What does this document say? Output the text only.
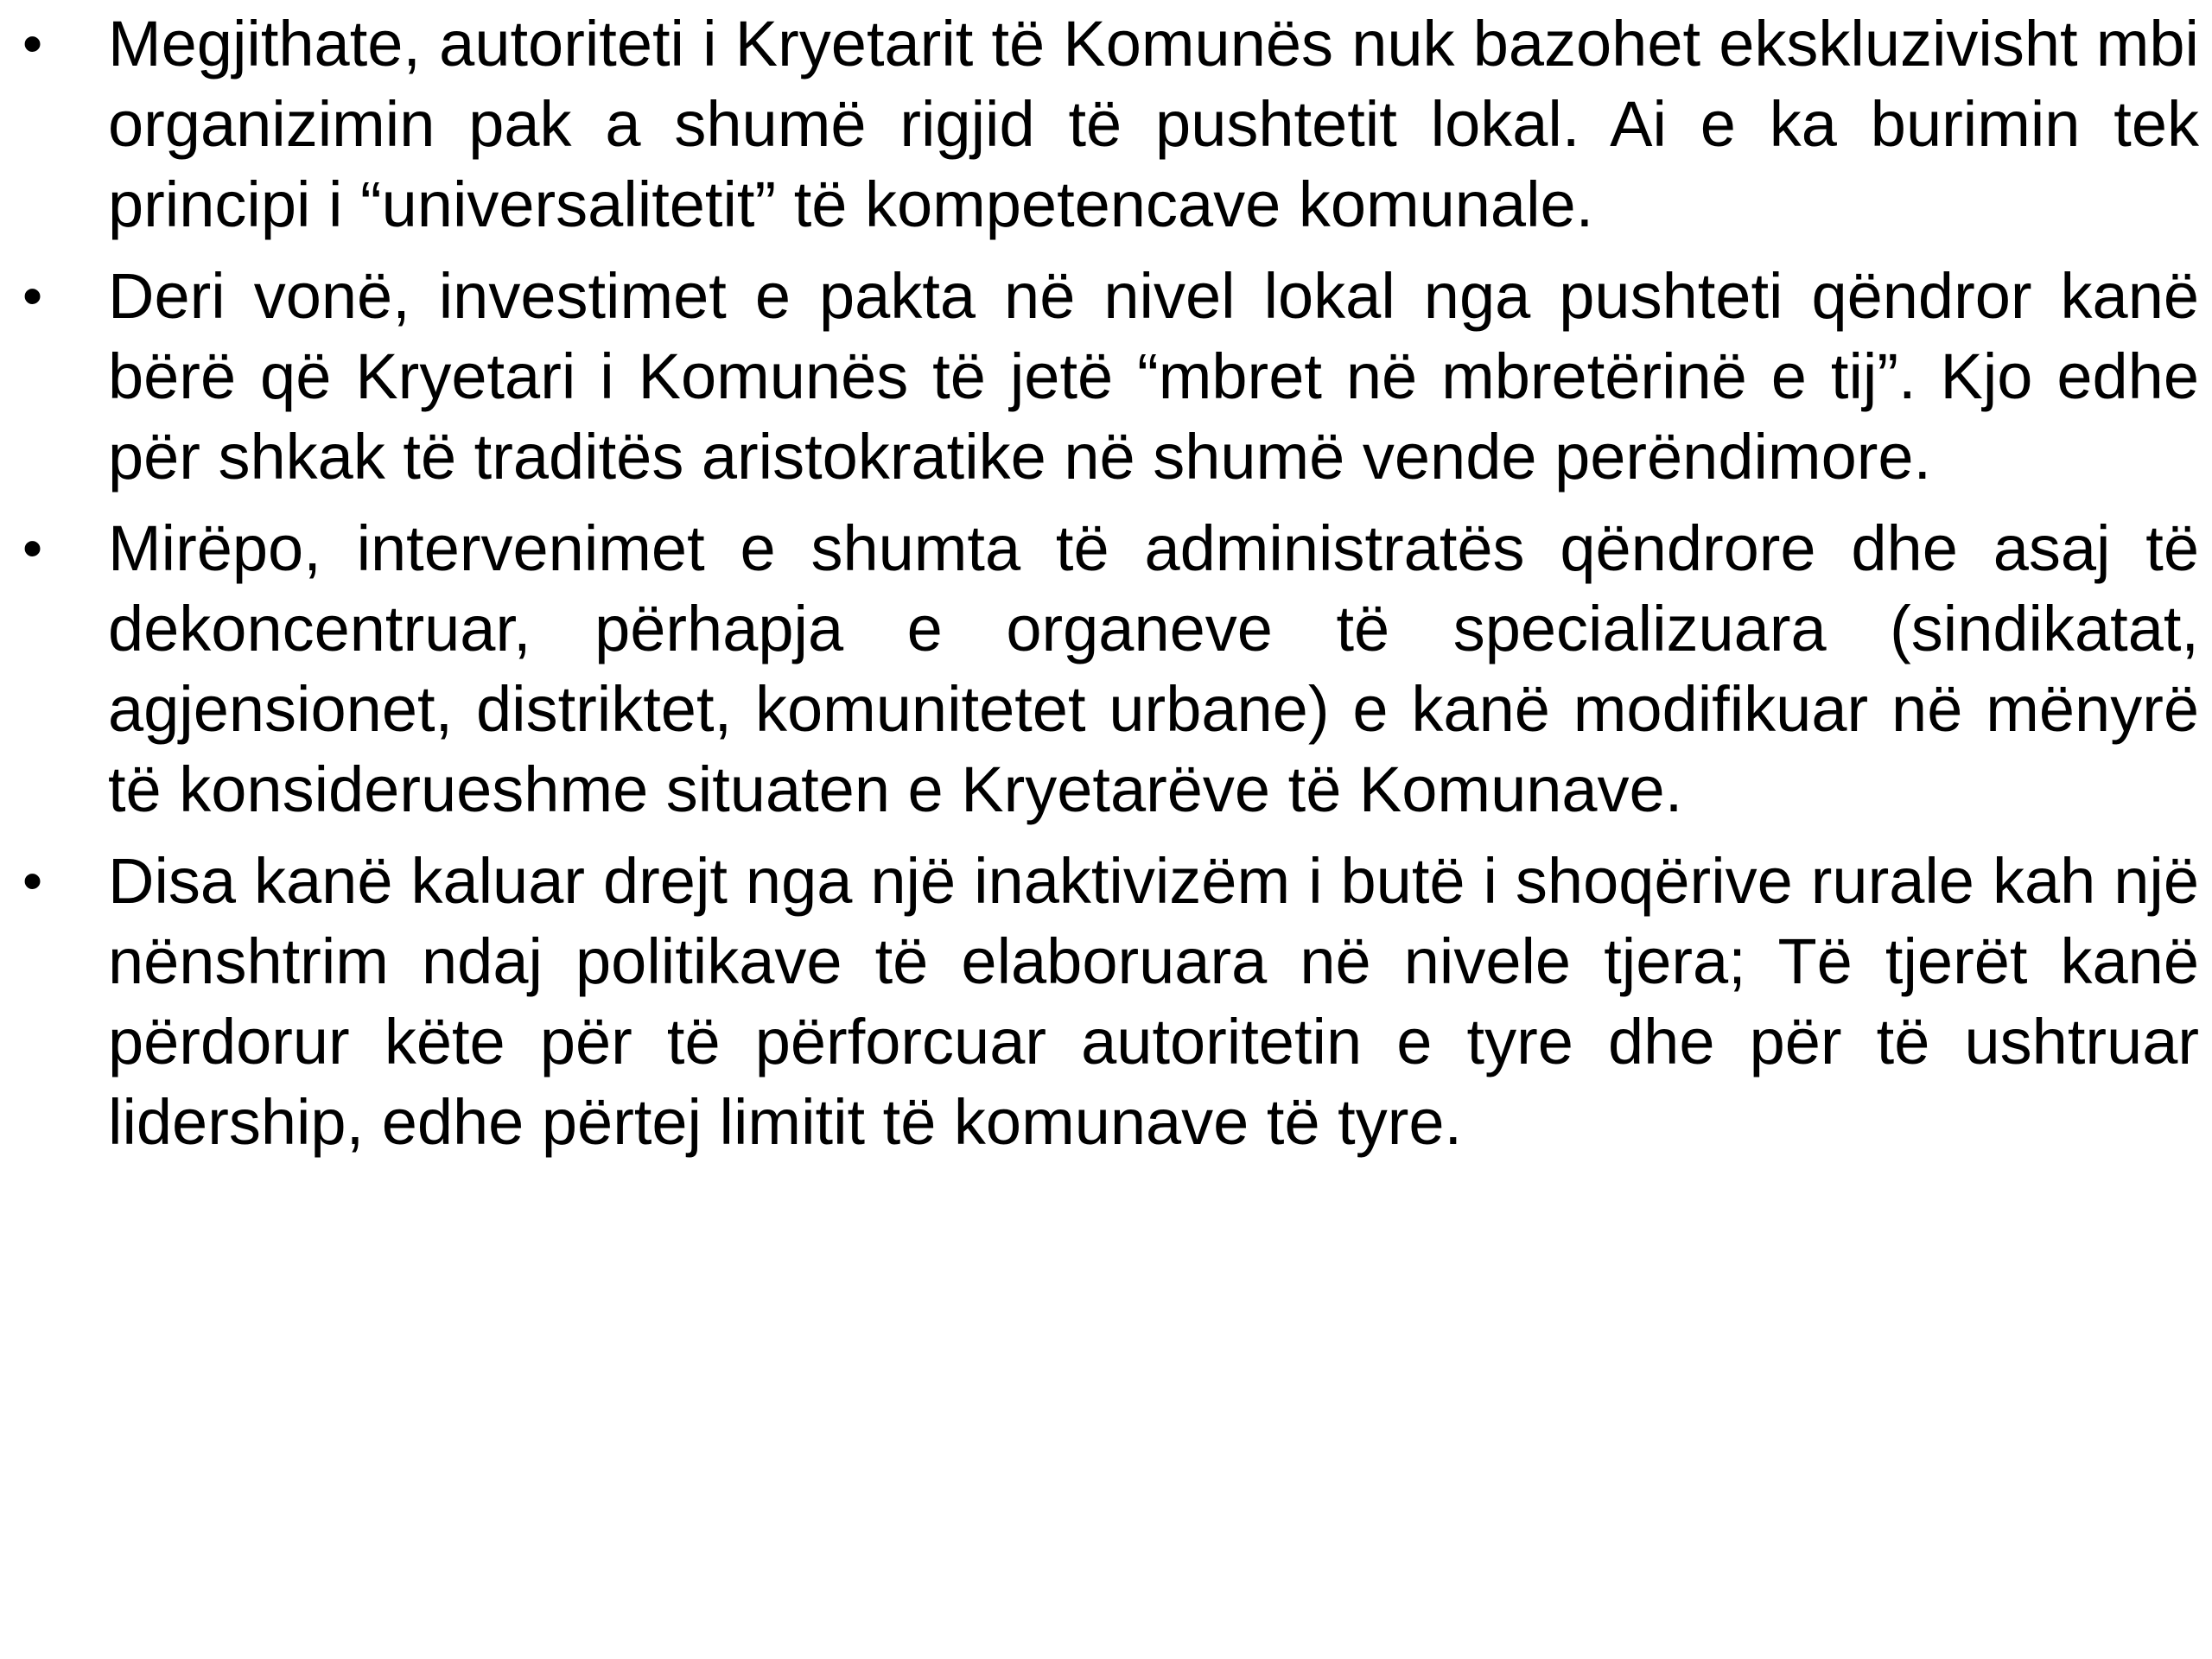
•	Megjithate, autoriteti i Kryetarit të Komunës nuk bazohet ekskluzivisht mbi organizimin pak a shumë rigjid të pushtetit lokal. Ai e ka burimin tek principi i “universalitetit” të kompetencave komunale.
•	Deri vonë, investimet e pakta në nivel lokal nga pushteti qëndror kanë bërë që Kryetari i Komunës të jetë “mbret në mbretërinë e tij”. Kjo edhe për shkak të traditës aristokratike në shumë vende perëndimore.
•	Mirëpo, intervenimet e shumta të administratës qëndrore dhe asaj të dekoncentruar, përhapja e organeve të specializuara (sindikatat, agjensionet, distriktet, komunitetet urbane) e kanë modifikuar në mënyrë të konsiderueshme situaten e Kryetarëve të Komunave.
•	Disa kanë kaluar drejt nga një inaktivizëm i butë i shoqërive rurale kah një nënshtrim ndaj politikave të elaboruara në nivele tjera; Të tjerët kanë përdorur këte për të përforcuar autoritetin e tyre dhe për të ushtruar lidership, edhe përtej limitit të komunave të tyre.
